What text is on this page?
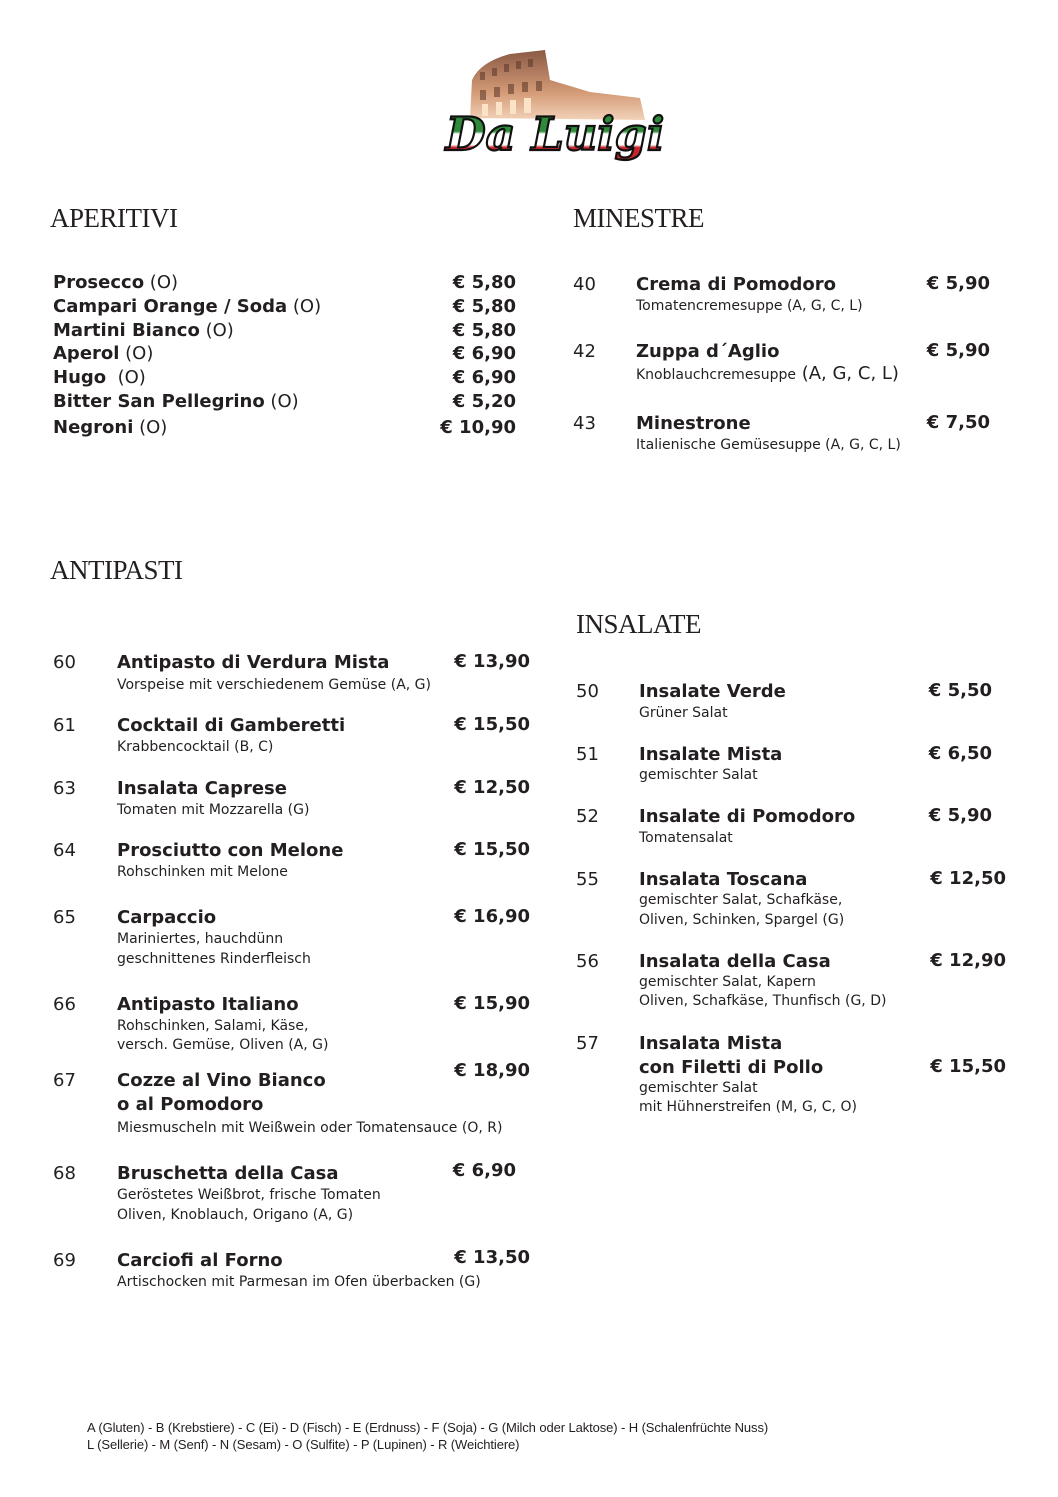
Da Luigi
APERITIVI
Prosecco (O)	€ 5,80
Campari Orange / Soda (O)	€ 5,80
Martini Bianco (O)	€ 5,80
Aperol (O)	€ 6,90
Hugo  (O)	€ 6,90
Bitter San Pellegrino (O)	€ 5,20
Negroni (O)	€ 10,90
MINESTRE
40 Crema di Pomodoro	€ 5,90
Tomatencremesuppe (A, G, C, L)
42 Zuppa d´Aglio	€ 5,90
Knoblauchcremesuppe (A, G, C, L)
43 Minestrone	€ 7,50
Italienische Gemüsesuppe (A, G, C, L)
ANTIPASTI
60 Antipasto di Verdura Mista	€ 13,90
Vorspeise mit verschiedenem Gemüse (A, G)
61 Cocktail di Gamberetti	€ 15,50
Krabbencocktail (B, C)
63 Insalata Caprese	€ 12,50
Tomaten mit Mozzarella (G)
64 Prosciutto con Melone	€ 15,50
Rohschinken mit Melone
65 Carpaccio	€ 16,90
Mariniertes, hauchdünn
geschnittenes Rinderfleisch
66 Antipasto Italiano	€ 15,90
Rohschinken, Salami, Käse,
versch. Gemüse, Oliven (A, G)
67 Cozze al Vino Bianco
o al Pomodoro
€ 18,90
Miesmuscheln mit Weißwein oder Tomatensauce (O, R)
68 Bruschetta della Casa	€ 6,90
Geröstetes Weißbrot, frische Tomaten
Oliven, Knoblauch, Origano (A, G)
69 Carciofi al Forno	€ 13,50
Artischocken mit Parmesan im Ofen überbacken (G)
INSALATE
50 Insalate Verde	€ 5,50
Grüner Salat
51 Insalate Mista	€ 6,50
gemischter Salat
52 Insalate di Pomodoro	€ 5,90
Tomatensalat
55 Insalata Toscana	€ 12,50
gemischter Salat, Schafkäse,
Oliven, Schinken, Spargel (G)
56 Insalata della Casa	€ 12,90
gemischter Salat, Kapern
Oliven, Schafkäse, Thunfisch (G, D)
57 Insalata Mista
con Filetti di Pollo	€ 15,50
gemischter Salat
mit Hühnerstreifen (M, G, C, O)
A (Gluten) - B (Krebstiere) - C (Ei) - D (Fisch) - E (Erdnuss) - F (Soja) - G (Milch oder Laktose) - H (Schalenfrüchte Nuss)
L (Sellerie) - M (Senf) - N (Sesam) - O (Sulfite) - P (Lupinen) - R (Weichtiere)
